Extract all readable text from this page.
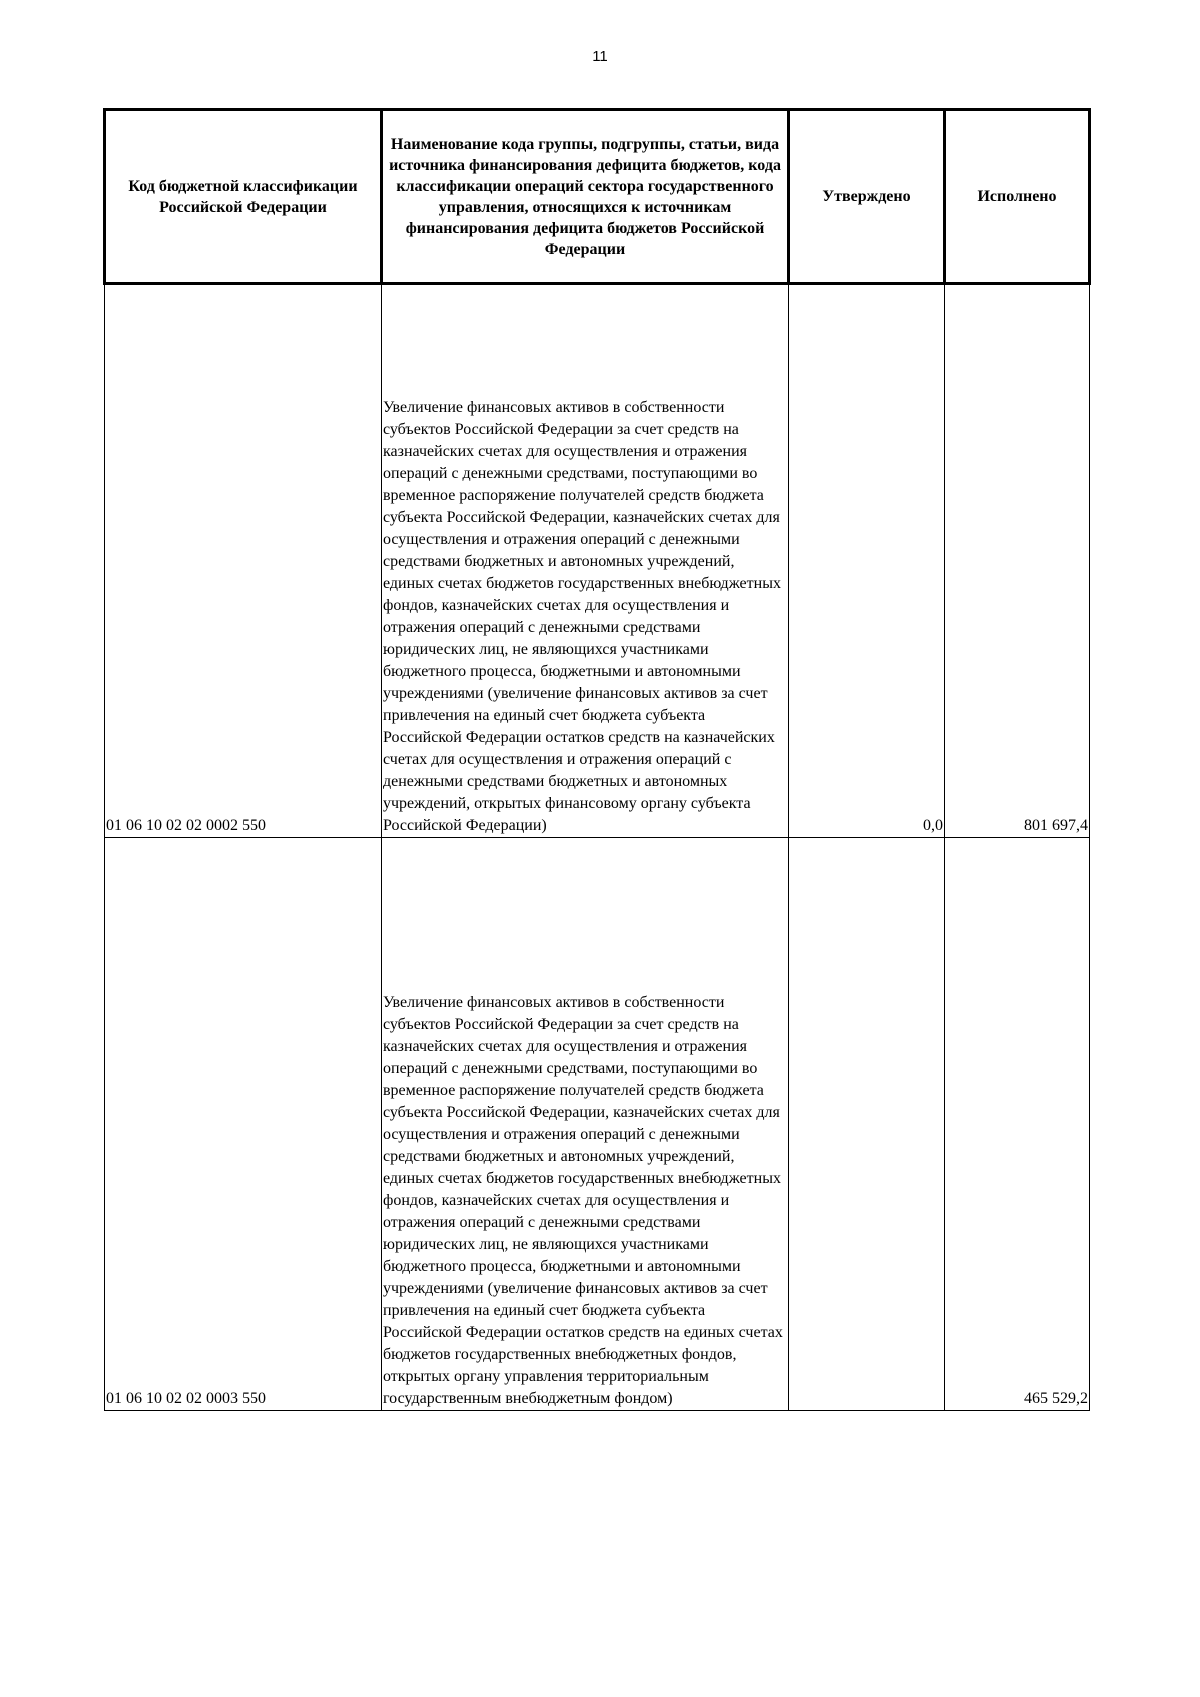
11
Код бюджетной классификации Российской Федерации	Наименование кода группы, подгруппы, статьи, вида источника финансирования дефицита бюджетов, кода классификации операций сектора государственного управления, относящихся к источникам финансирования дефицита бюджетов Российской Федерации	Утверждено	Исполнено
01 06 10 02 02 0002 550	Увеличение финансовых активов в собственности субъектов Российской Федерации за счет средств на казначейских счетах для осуществления и отражения операций с денежными средствами, поступающими во временное распоряжение получателей средств бюджета субъекта Российской Федерации, казначейских счетах для осуществления и отражения операций с денежными средствами бюджетных и автономных учреждений, единых счетах бюджетов государственных внебюджетных фондов, казначейских счетах для осуществления и отражения операций с денежными средствами юридических лиц, не являющихся участниками бюджетного процесса, бюджетными и автономными учреждениями (увеличение финансовых активов за счет привлечения на единый счет бюджета субъекта Российской Федерации остатков средств на казначейских счетах для осуществления и отражения операций с денежными средствами бюджетных и автономных учреждений, открытых финансовому органу субъекта Российской Федерации)	0,0	801 697,4
01 06 10 02 02 0003 550	Увеличение финансовых активов в собственности субъектов Российской Федерации за счет средств на казначейских счетах для осуществления и отражения операций с денежными средствами, поступающими во временное распоряжение получателей средств бюджета субъекта Российской Федерации, казначейских счетах для осуществления и отражения операций с денежными средствами бюджетных и автономных учреждений, единых счетах бюджетов государственных внебюджетных фондов, казначейских счетах для осуществления и отражения операций с денежными средствами юридических лиц, не являющихся участниками бюджетного процесса, бюджетными и автономными учреждениями (увеличение финансовых активов за счет привлечения на единый счет бюджета субъекта Российской Федерации остатков средств на единых счетах бюджетов государственных внебюджетных фондов, открытых органу управления территориальным государственным внебюджетным фондом)		465 529,2
